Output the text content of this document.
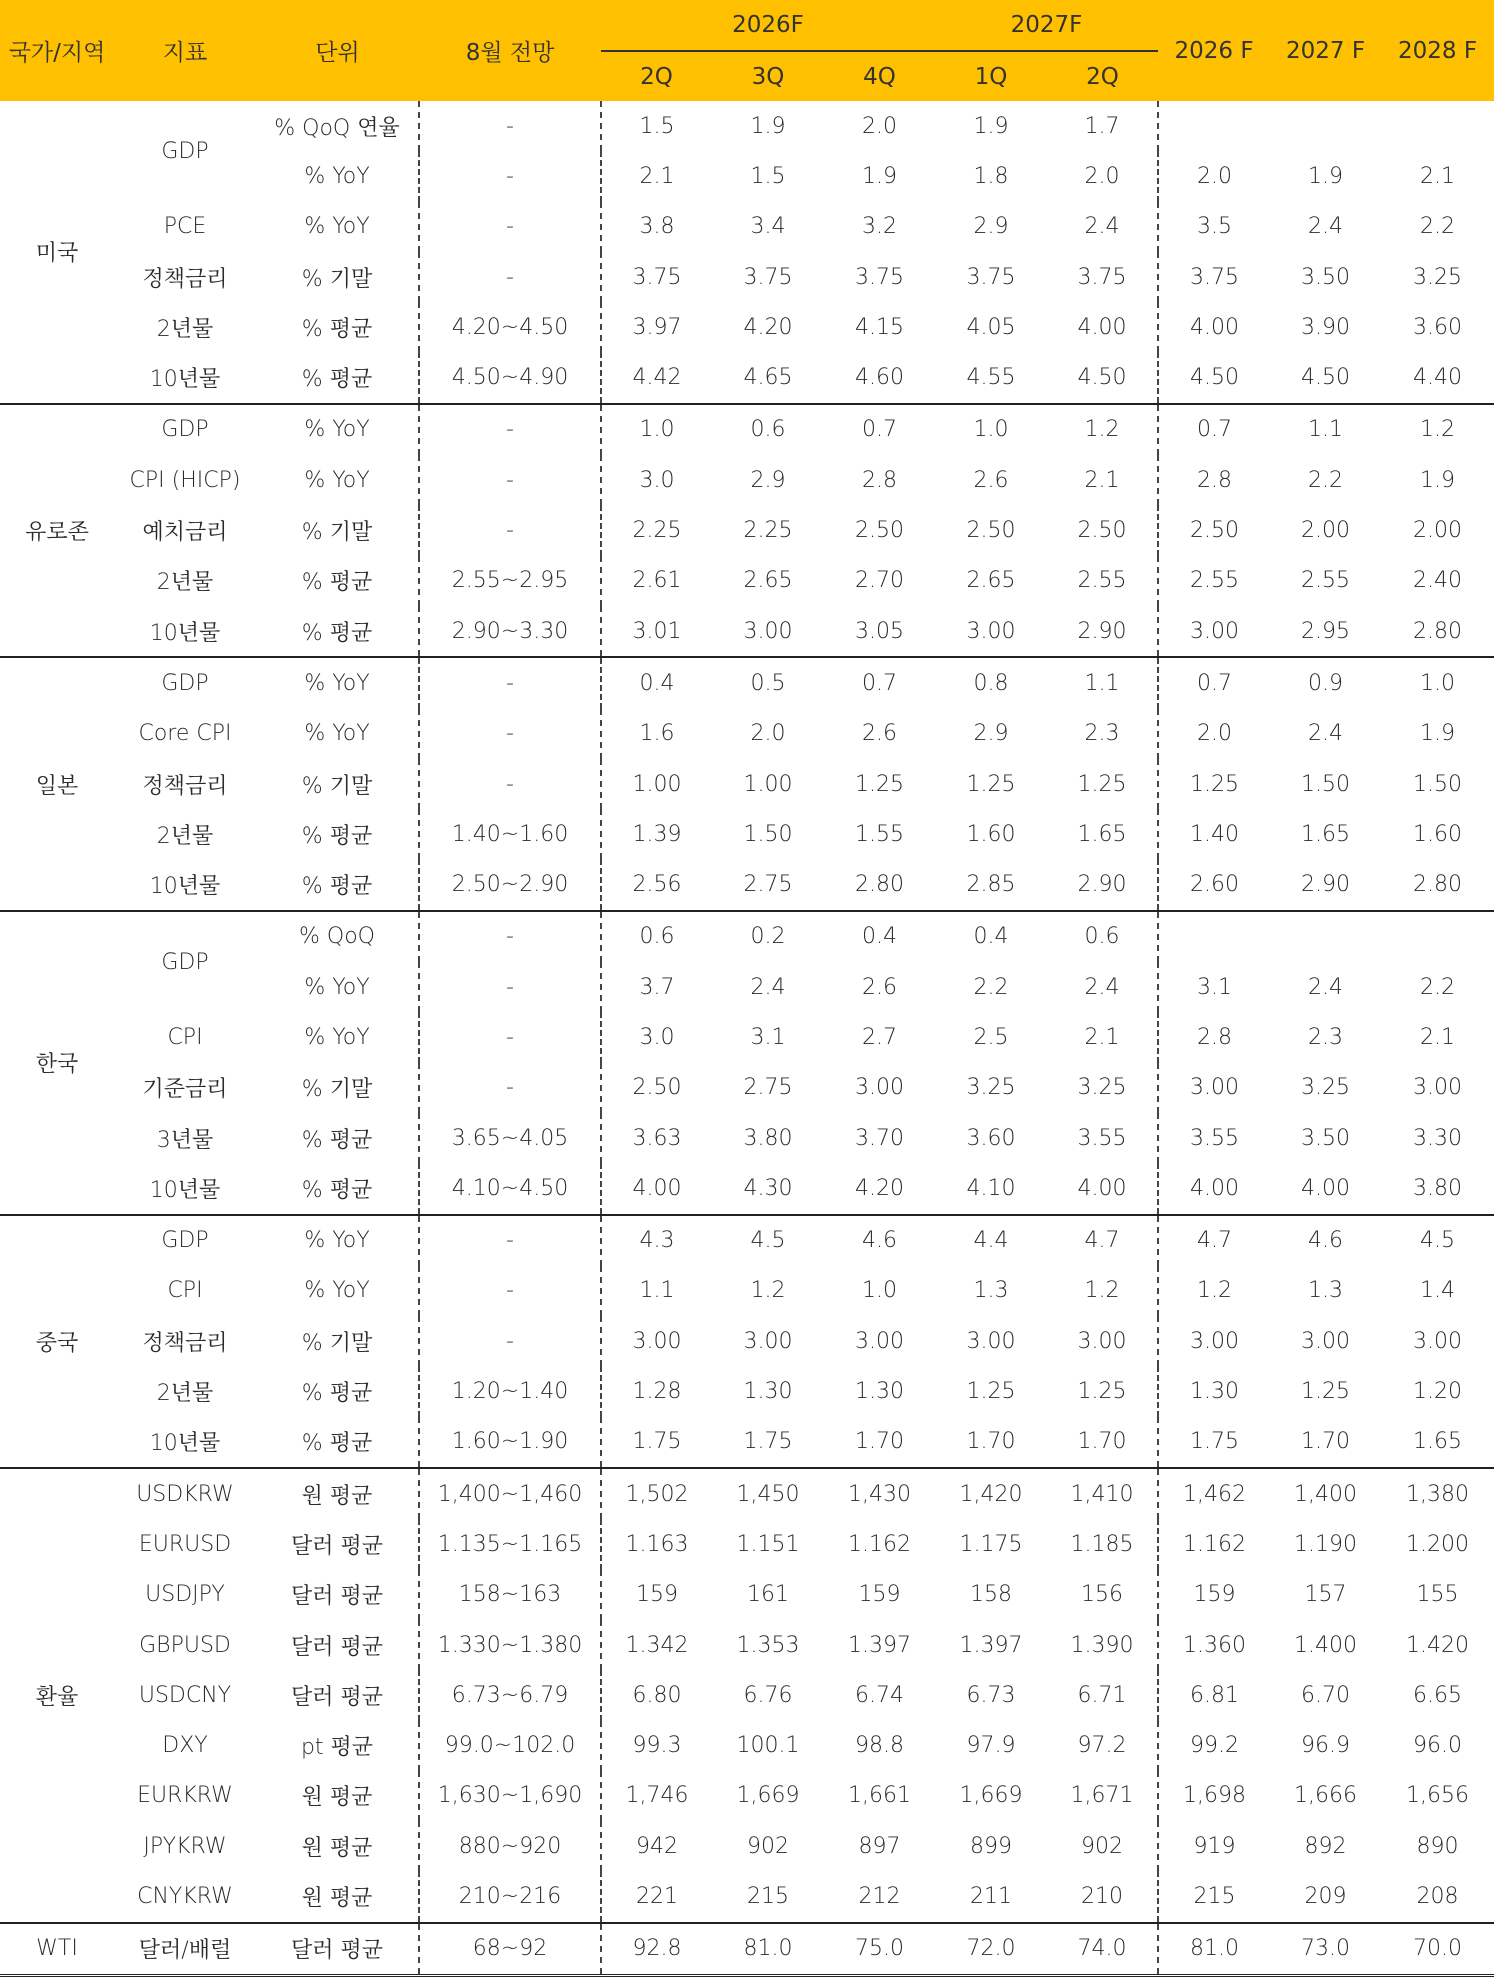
국가/지역	지표	단위	8월 전망	2026F			2027F		2026 F	2027 F	2028 F
				2Q	3Q	4Q	1Q	2Q			
미국	GDP	% QoQ 연율	-	1.5	1.9	2.0	1.9	1.7			
		% YoY	-	2.1	1.5	1.9	1.8	2.0	2.0	1.9	2.1
	PCE	% YoY	-	3.8	3.4	3.2	2.9	2.4	3.5	2.4	2.2
	정책금리	% 기말	-	3.75	3.75	3.75	3.75	3.75	3.75	3.50	3.25
	2년물	% 평균	4.20~4.50	3.97	4.20	4.15	4.05	4.00	4.00	3.90	3.60
	10년물	% 평균	4.50~4.90	4.42	4.65	4.60	4.55	4.50	4.50	4.50	4.40
유로존	GDP	% YoY	-	1.0	0.6	0.7	1.0	1.2	0.7	1.1	1.2
	CPI (HICP)	% YoY	-	3.0	2.9	2.8	2.6	2.1	2.8	2.2	1.9
	예치금리	% 기말	-	2.25	2.25	2.50	2.50	2.50	2.50	2.00	2.00
	2년물	% 평균	2.55~2.95	2.61	2.65	2.70	2.65	2.55	2.55	2.55	2.40
	10년물	% 평균	2.90~3.30	3.01	3.00	3.05	3.00	2.90	3.00	2.95	2.80
일본	GDP	% YoY	-	0.4	0.5	0.7	0.8	1.1	0.7	0.9	1.0
	Core CPI	% YoY	-	1.6	2.0	2.6	2.9	2.3	2.0	2.4	1.9
	정책금리	% 기말	-	1.00	1.00	1.25	1.25	1.25	1.25	1.50	1.50
	2년물	% 평균	1.40~1.60	1.39	1.50	1.55	1.60	1.65	1.40	1.65	1.60
	10년물	% 평균	2.50~2.90	2.56	2.75	2.80	2.85	2.90	2.60	2.90	2.80
한국	GDP	% QoQ	-	0.6	0.2	0.4	0.4	0.6			
		% YoY	-	3.7	2.4	2.6	2.2	2.4	3.1	2.4	2.2
	CPI	% YoY	-	3.0	3.1	2.7	2.5	2.1	2.8	2.3	2.1
	기준금리	% 기말	-	2.50	2.75	3.00	3.25	3.25	3.00	3.25	3.00
	3년물	% 평균	3.65~4.05	3.63	3.80	3.70	3.60	3.55	3.55	3.50	3.30
	10년물	% 평균	4.10~4.50	4.00	4.30	4.20	4.10	4.00	4.00	4.00	3.80
중국	GDP	% YoY	-	4.3	4.5	4.6	4.4	4.7	4.7	4.6	4.5
	CPI	% YoY	-	1.1	1.2	1.0	1.3	1.2	1.2	1.3	1.4
	정책금리	% 기말	-	3.00	3.00	3.00	3.00	3.00	3.00	3.00	3.00
	2년물	% 평균	1.20~1.40	1.28	1.30	1.30	1.25	1.25	1.30	1.25	1.20
	10년물	% 평균	1.60~1.90	1.75	1.75	1.70	1.70	1.70	1.75	1.70	1.65
환율	USDKRW	원 평균	1,400~1,460	1,502	1,450	1,430	1,420	1,410	1,462	1,400	1,380
	EURUSD	달러 평균	1.135~1.165	1.163	1.151	1.162	1.175	1.185	1.162	1.190	1.200
	USDJPY	달러 평균	158~163	159	161	159	158	156	159	157	155
	GBPUSD	달러 평균	1.330~1.380	1.342	1.353	1.397	1.397	1.390	1.360	1.400	1.420
	USDCNY	달러 평균	6.73~6.79	6.80	6.76	6.74	6.73	6.71	6.81	6.70	6.65
	DXY	pt 평균	99.0~102.0	99.3	100.1	98.8	97.9	97.2	99.2	96.9	96.0
	EURKRW	원 평균	1,630~1,690	1,746	1,669	1,661	1,669	1,671	1,698	1,666	1,656
	JPYKRW	원 평균	880~920	942	902	897	899	902	919	892	890
	CNYKRW	원 평균	210~216	221	215	212	211	210	215	209	208
WTI	달러/배럴	달러 평균	68~92	92.8	81.0	75.0	72.0	74.0	81.0	73.0	70.0
